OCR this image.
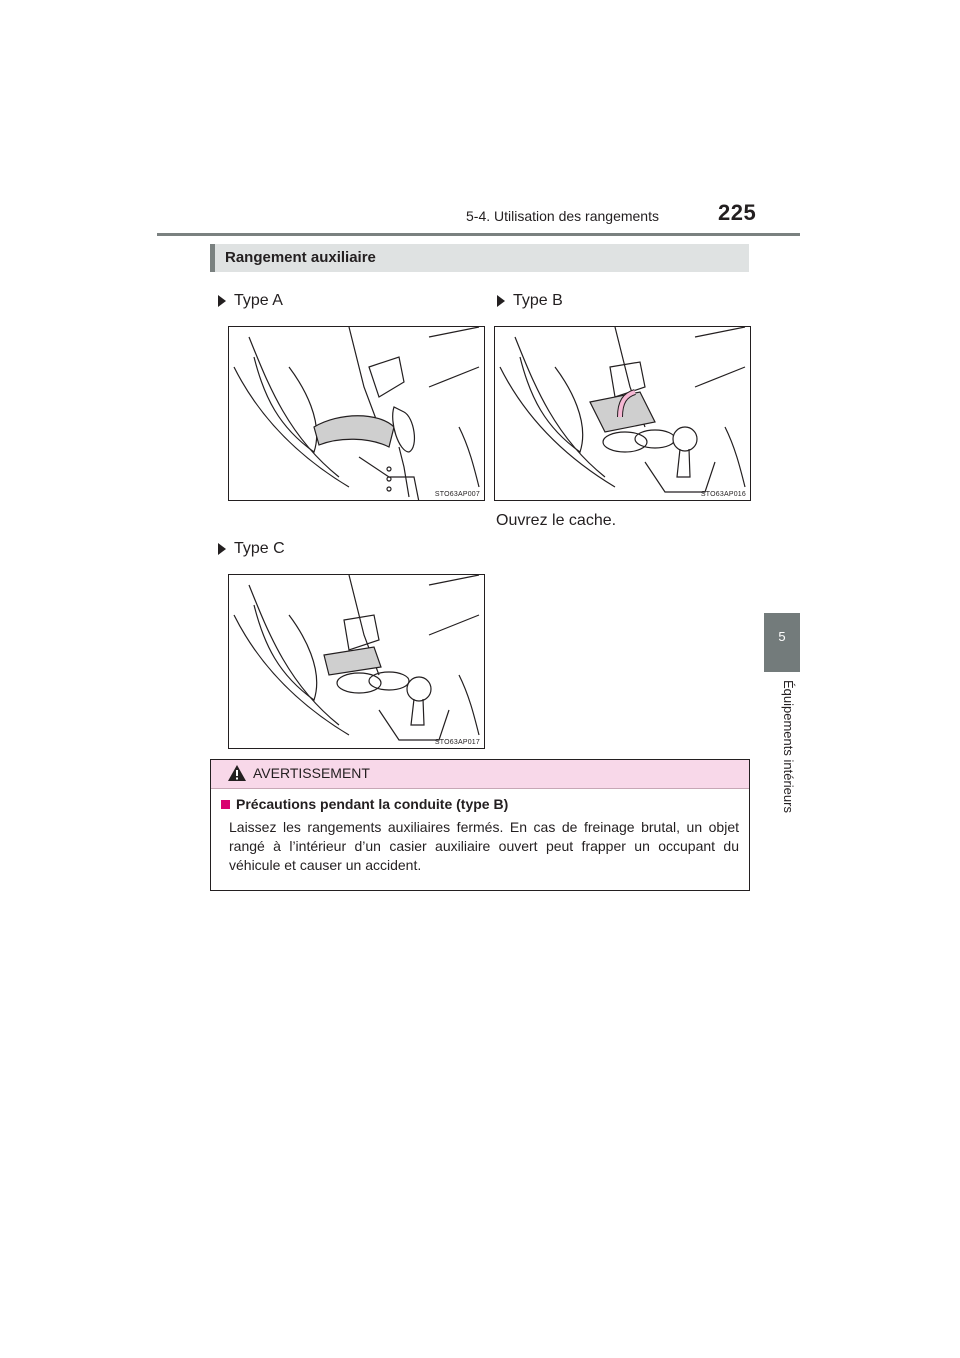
5-4. Utilisation des rangements	225
5
Équipements intérieurs
Rangement auxiliaire
Type A
STO63AP007
Type B
STO63AP016
Ouvrez le cache.
Type C
STO63AP017
AVERTISSEMENT
Précautions pendant la conduite (type B)
Laissez les rangements auxiliaires fermés. En cas de freinage brutal, un objet rangé à l’intérieur d’un casier auxiliaire ouvert peut frapper un occupant du véhicule et causer un accident.
